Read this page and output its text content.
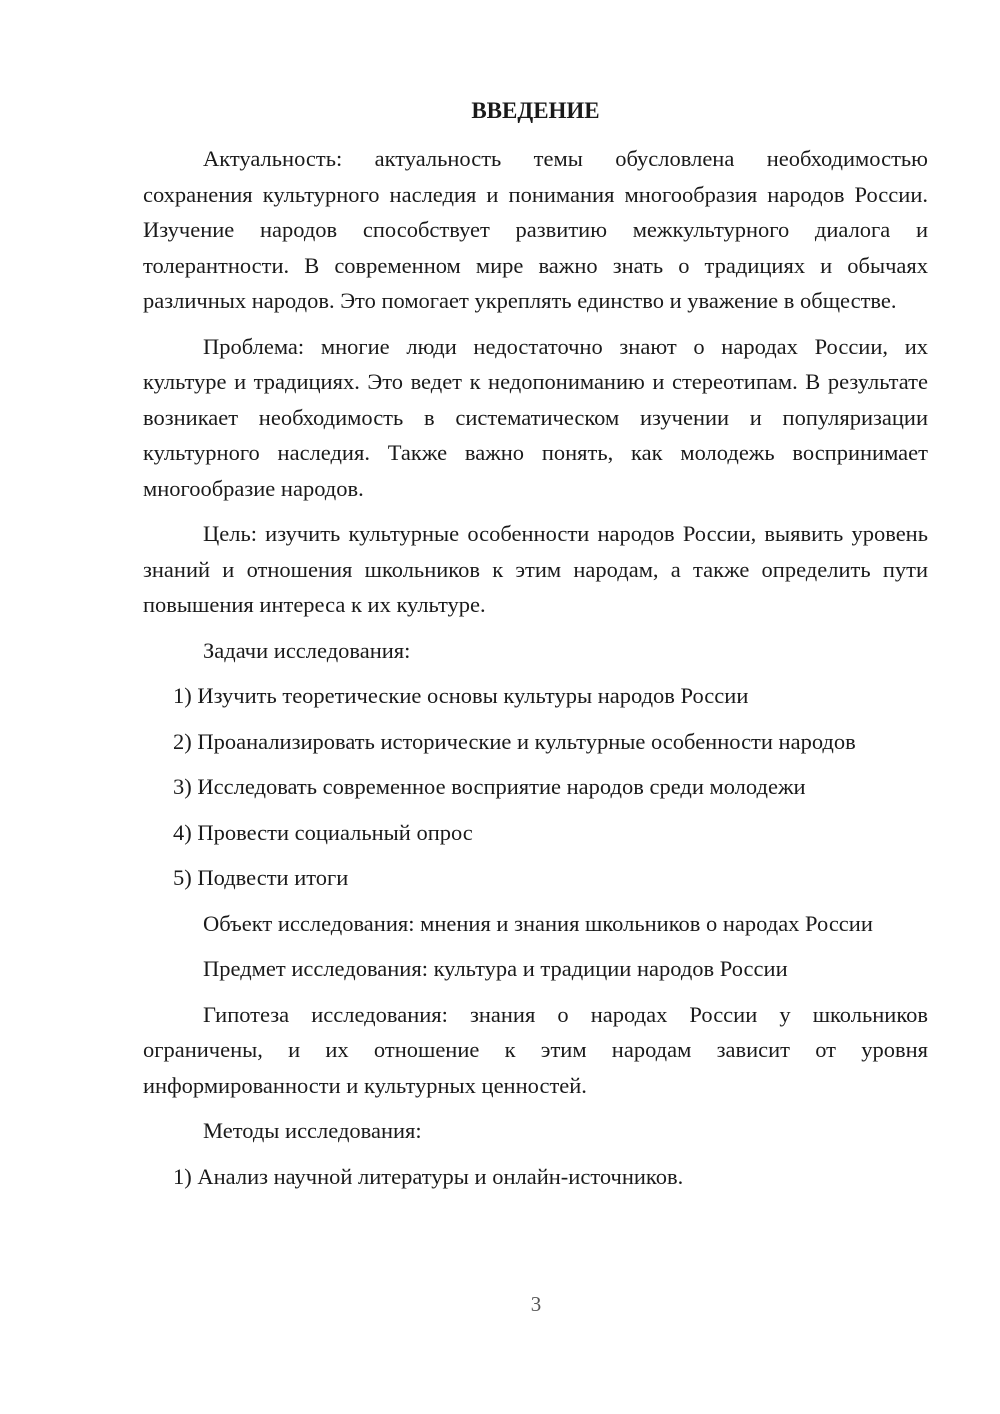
ВВЕДЕНИЕ

Актуальность: актуальность темы обусловлена необходимостью сохранения культурного наследия и понимания многообразия народов России. Изучение народов способствует развитию межкультурного диалога и толерантности. В современном мире важно знать о традициях и обычаях различных народов. Это помогает укреплять единство и уважение в обществе.

Проблема: многие люди недостаточно знают о народах России, их культуре и традициях. Это ведет к недопониманию и стереотипам. В результате возникает необходимость в систематическом изучении и популяризации культурного наследия. Также важно понять, как молодежь воспринимает многообразие народов.

Цель: изучить культурные особенности народов России, выявить уровень знаний и отношения школьников к этим народам, а также определить пути повышения интереса к их культуре.

Задачи исследования:

1) Изучить теоретические основы культуры народов России

2) Проанализировать исторические и культурные особенности народов

3) Исследовать современное восприятие народов среди молодежи

4) Провести социальный опрос

5) Подвести итоги

Объект исследования: мнения и знания школьников о народах России

Предмет исследования: культура и традиции народов России

Гипотеза исследования: знания о народах России у школьников ограничены, и их отношение к этим народам зависит от уровня информированности и культурных ценностей.

Методы исследования:

1) Анализ научной литературы и онлайн-источников.

3
